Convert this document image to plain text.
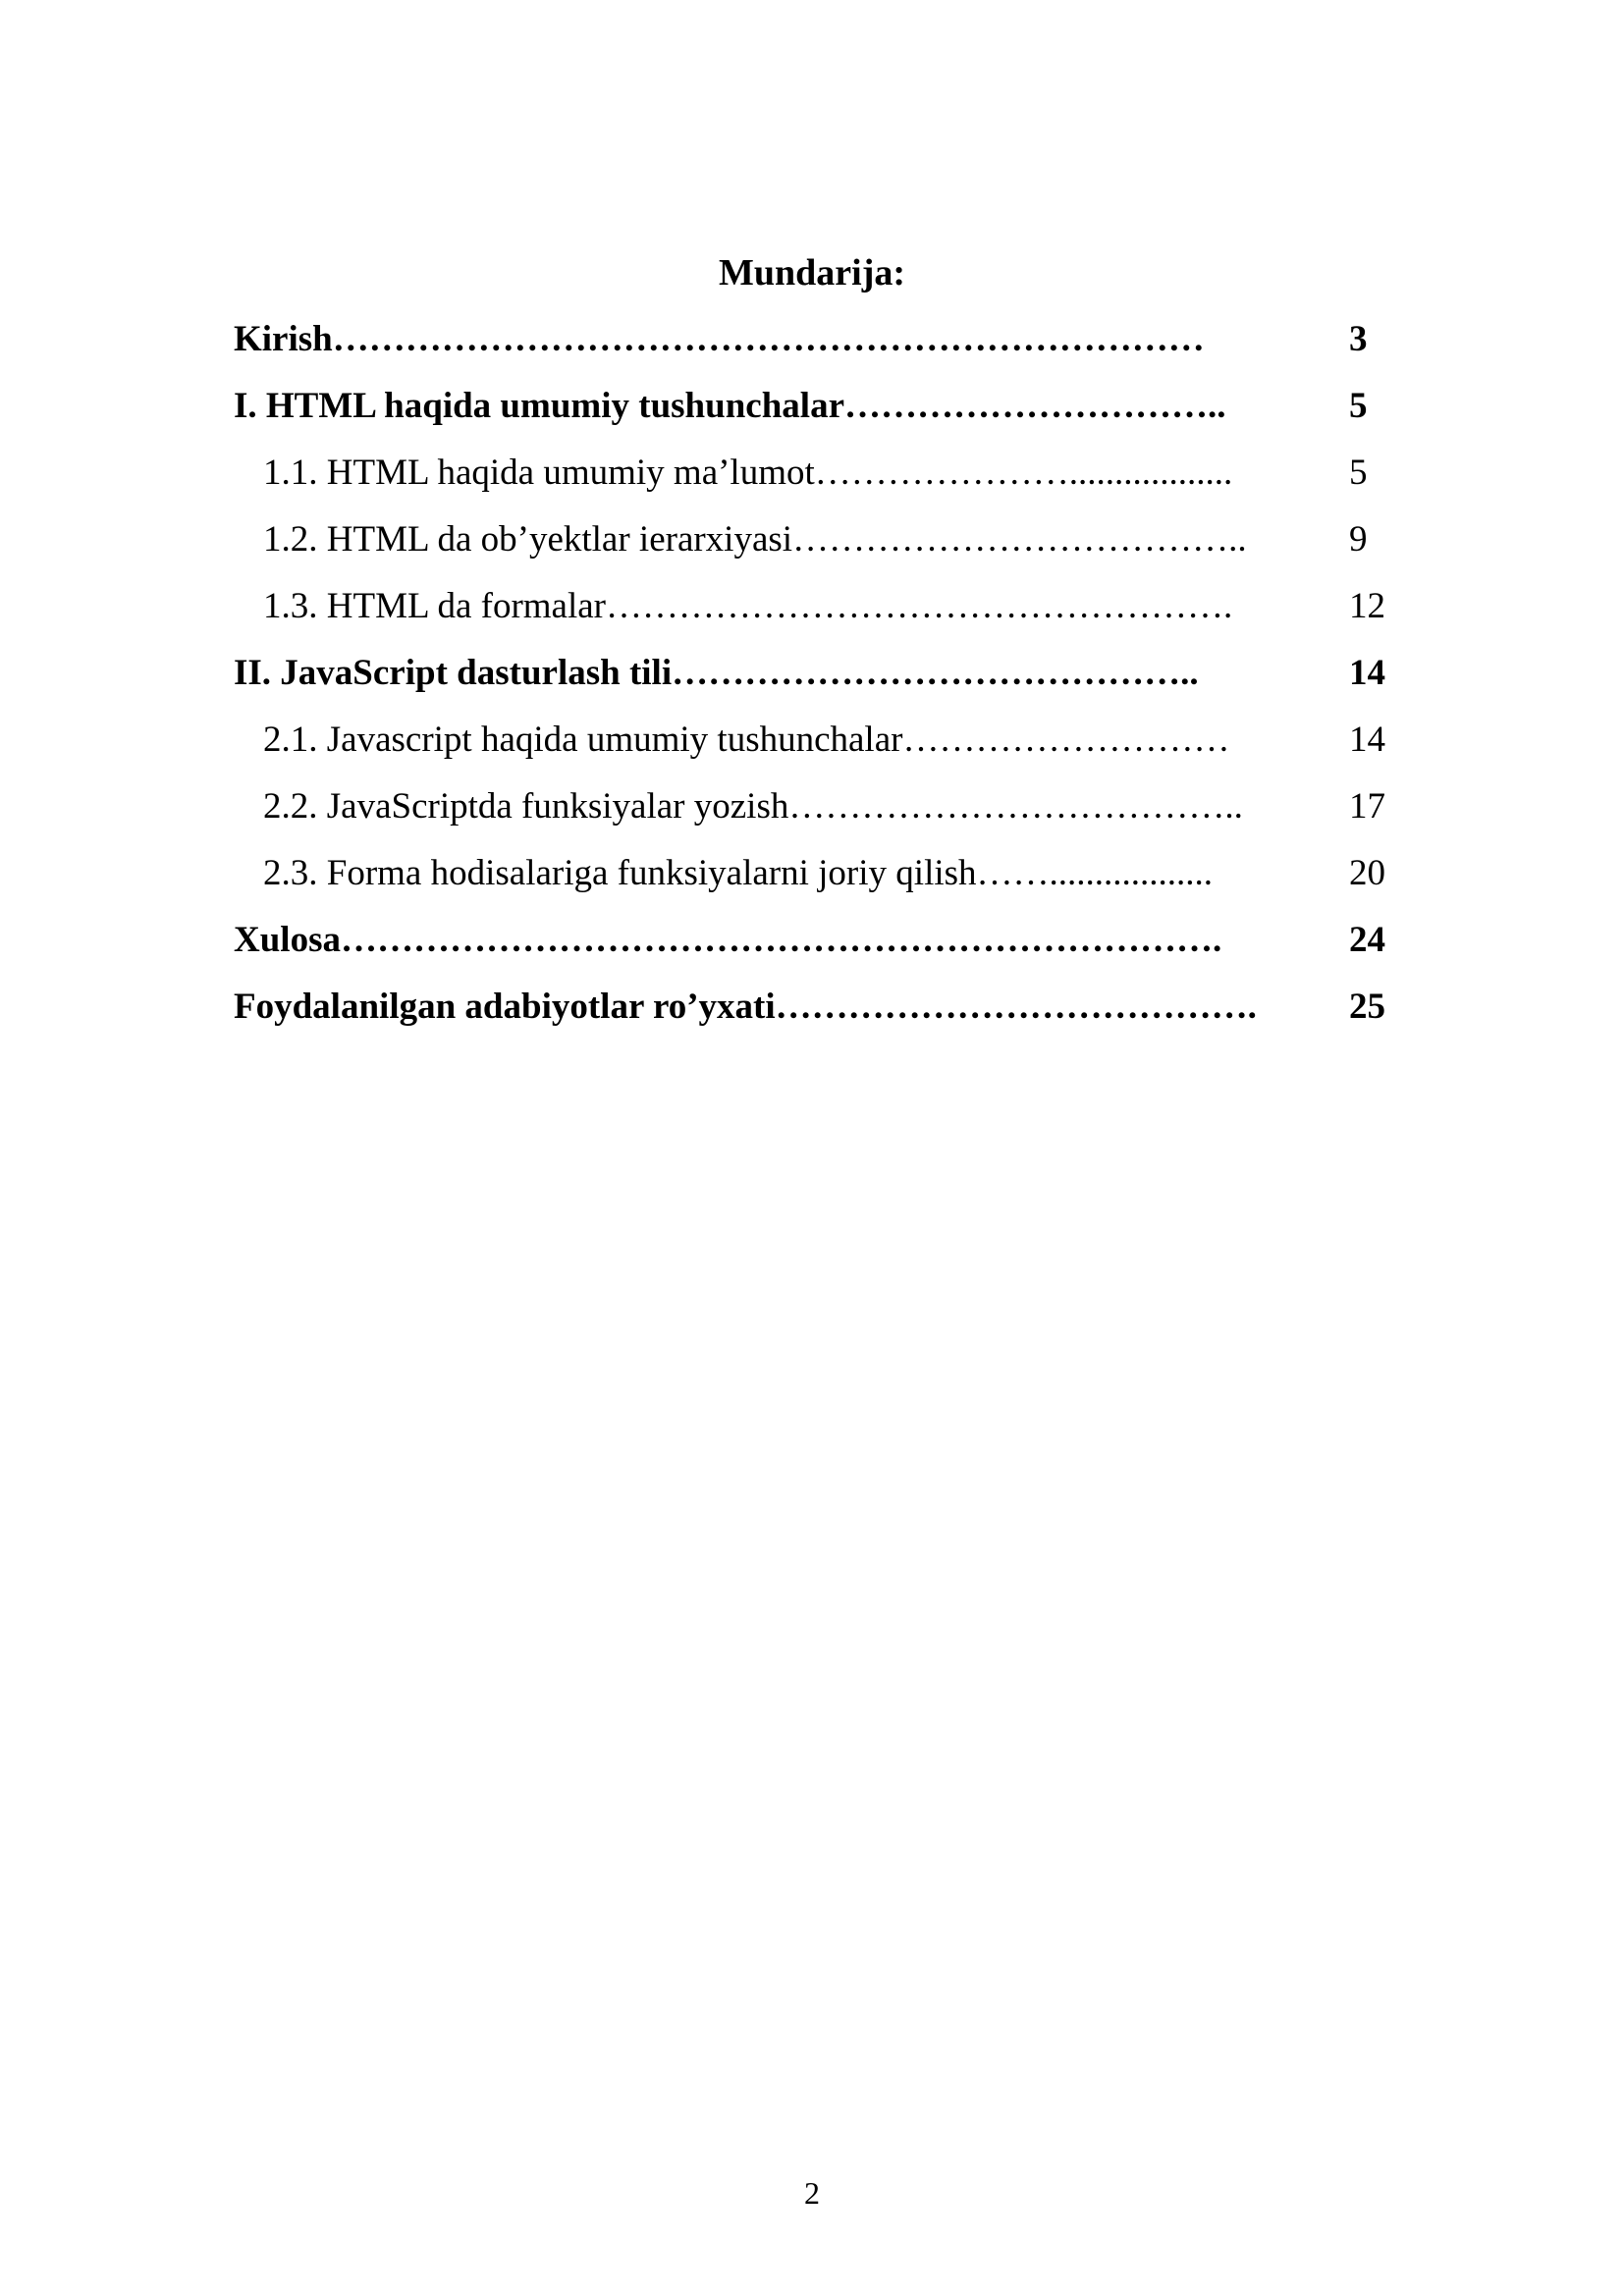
Mundarija:
Kirish………………………………………………………………	3
I. HTML haqida umumiy tushunchalar…………………………..	5
1.1. HTML haqida umumiy ma’lumot…………………..................	5
1.2. HTML da ob’yektlar ierarxiyasi………………………………..	9
1.3. HTML da formalar…………………………………………….	12
II. JavaScript dasturlash tili……………………………………..	14
2.1. Javascript haqida umumiy tushunchalar………………………	14
2.2. JavaScriptda funksiyalar yozish………………………………..	17
2.3. Forma hodisalariga funksiyalarni joriy qilish……..................	20
Xulosa……………………………………………………………….	24
Foydalanilgan adabiyotlar ro’yxati………………………………….	25
2
